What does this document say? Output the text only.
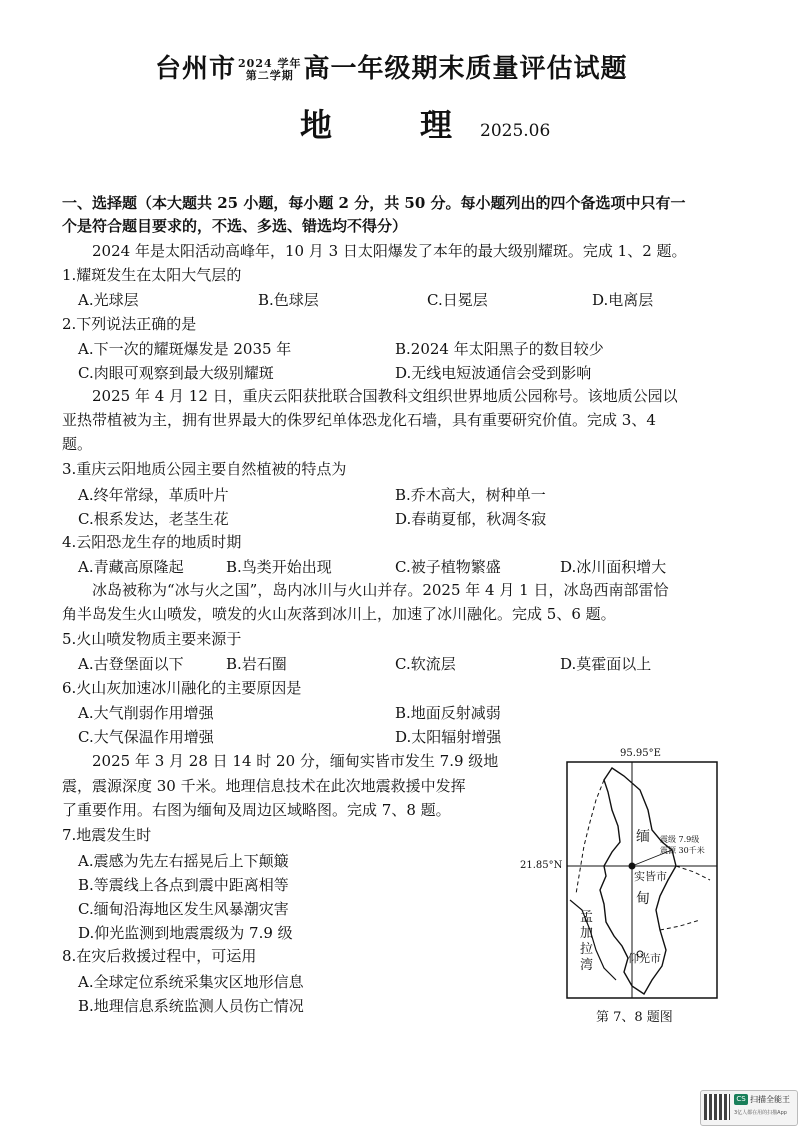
台州市 2024 学年
第二学期 高一年级期末质量评估试题
地　理2025.06
一、选择题（本大题共 25 小题，每小题 2 分，共 50 分。每小题列出的四个备选项中只有一
个是符合题目要求的，不选、多选、错选均不得分）
2024 年是太阳活动高峰年，10 月 3 日太阳爆发了本年的最大级别耀斑。完成 1、2 题。
1.耀斑发生在太阳大气层的
A.光球层	B.色球层	C.日冕层	D.电离层
2.下列说法正确的是
A.下一次的耀斑爆发是 2035 年	B.2024 年太阳黑子的数目较少
C.肉眼可观察到最大级别耀斑	D.无线电短波通信会受到影响
2025 年 4 月 12 日，重庆云阳获批联合国教科文组织世界地质公园称号。该地质公园以
亚热带植被为主，拥有世界最大的侏罗纪单体恐龙化石墙，具有重要研究价值。完成 3、4
题。
3.重庆云阳地质公园主要自然植被的特点为
A.终年常绿，革质叶片	B.乔木高大，树种单一
C.根系发达，老茎生花	D.春萌夏郁，秋凋冬寂
4.云阳恐龙生存的地质时期
A.青藏高原隆起	B.鸟类开始出现	C.被子植物繁盛	D.冰川面积增大
冰岛被称为“冰与火之国”，岛内冰川与火山并存。2025 年 4 月 1 日，冰岛西南部雷恰
角半岛发生火山喷发，喷发的火山灰落到冰川上，加速了冰川融化。完成 5、6 题。
5.火山喷发物质主要来源于
A.古登堡面以下	B.岩石圈	C.软流层	D.莫霍面以上
6.火山灰加速冰川融化的主要原因是
A.大气削弱作用增强	B.地面反射减弱
C.大气保温作用增强	D.太阳辐射增强
2025 年 3 月 28 日 14 时 20 分，缅甸实皆市发生 7.9 级地
震，震源深度 30 千米。地理信息技术在此次地震救援中发挥
了重要作用。右图为缅甸及周边区域略图。完成 7、8 题。
7.地震发生时
A.震感为先左右摇晃后上下颠簸
B.等震线上各点到震中距离相等
C.缅甸沿海地区发生风暴潮灾害
D.仰光监测到地震震级为 7.9 级
8.在灾后救援过程中，可运用
A.全球定位系统采集灾区地形信息
B.地理信息系统监测人员伤亡情况
95.95°E
21.85°N
缅
甸
实皆市
仰光市
孟
加
拉
湾
震级 7.9级
震源 30千米
第 7、8 题图
CS 扫描全能王
3亿人都在用的扫描App
